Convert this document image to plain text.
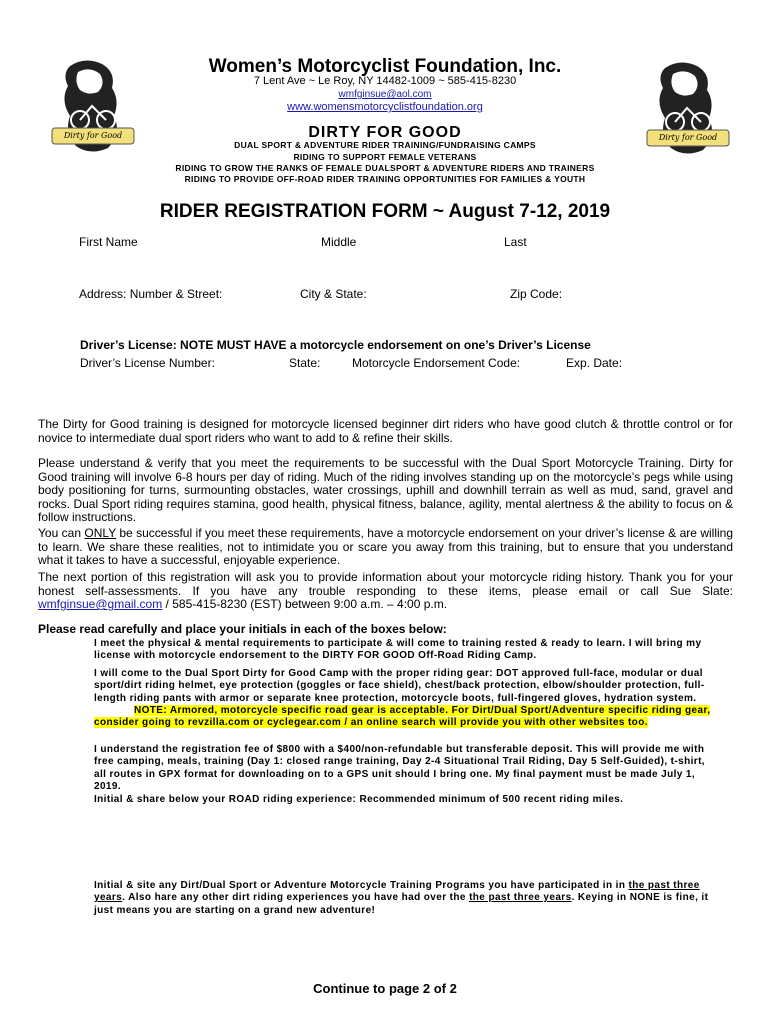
Dirty for Good	Dirty for Good
Women’s Motorcyclist Foundation, Inc.
7 Lent Ave ~ Le Roy, NY 14482-1009 ~ 585-415-8230
wmfginsue@aol.com
www.womensmotorcyclistfoundation.org
DIRTY FOR GOOD
DUAL SPORT & ADVENTURE RIDER TRAINING/FUNDRAISING CAMPS
RIDING TO SUPPORT FEMALE VETERANS
RIDING TO GROW THE RANKS OF FEMALE DUALSPORT & ADVENTURE RIDERS AND TRAINERS
RIDING TO PROVIDE OFF-ROAD RIDER TRAINING OPPORTUNITIES FOR FAMILIES & YOUTH
RIDER REGISTRATION FORM ~ August 7-12, 2019
First Name	Middle	Last
Address: Number & Street:	City & State:	Zip Code:
Driver’s License: NOTE MUST HAVE a motorcycle endorsement on one’s Driver’s License
Driver’s License Number:	State:	Motorcycle Endorsement Code:	Exp. Date:
The Dirty for Good training is designed for motorcycle licensed beginner dirt riders who have good clutch & throttle control or for novice to intermediate dual sport riders who want to add to & refine their skills.
Please understand & verify that you meet the requirements to be successful with the Dual Sport Motorcycle Training. Dirty for Good training will involve 6-8 hours per day of riding. Much of the riding involves standing up on the motorcycle’s pegs while using body positioning for turns, surmounting obstacles, water crossings, uphill and downhill terrain as well as mud, sand, gravel and rocks. Dual Sport riding requires stamina, good health, physical fitness, balance, agility, mental alertness & the ability to focus on & follow instructions.
You can ONLY be successful if you meet these requirements, have a motorcycle endorsement on your driver’s license & are willing to learn. We share these realities, not to intimidate you or scare you away from this training, but to ensure that you understand what it takes to have a successful, enjoyable experience.
The next portion of this registration will ask you to provide information about your motorcycle riding history. Thank you for your honest self-assessments. If you have any trouble responding to these items, please email or call Sue Slate: wmfginsue@gmail.com / 585-415-8230 (EST) between 9:00 a.m. – 4:00 p.m.
Please read carefully and place your initials in each of the boxes below:
I meet the physical & mental requirements to participate & will come to training rested & ready to learn. I will bring my license with motorcycle endorsement to the DIRTY FOR GOOD Off-Road Riding Camp.
I will come to the Dual Sport Dirty for Good Camp with the proper riding gear: DOT approved full-face, modular or dual sport/dirt riding helmet, eye protection (goggles or face shield), chest/back protection, elbow/shoulder protection, full-length riding pants with armor or separate knee protection, motorcycle boots, full-fingered gloves, hydration system.NOTE: Armored, motorcycle specific road gear is acceptable. For Dirt/Dual Sport/Adventure specific riding gear, consider going to revzilla.com or cyclegear.com / an online search will provide you with other websites too.
I understand the registration fee of $800 with a $400/non-refundable but transferable deposit. This will provide me with free camping, meals, training (Day 1: closed range training, Day 2-4 Situational Trail Riding, Day 5 Self-Guided), t-shirt, all routes in GPX format for downloading on to a GPS unit should I bring one. My final payment must be made July 1, 2019.
Initial & share below your ROAD riding experience: Recommended minimum of 500 recent riding miles.
Initial & site any Dirt/Dual Sport or Adventure Motorcycle Training Programs you have participated in in the past three years. Also hare any other dirt riding experiences you have had over the the past three years. Keying in NONE is fine, it just means you are starting on a grand new adventure!
Continue to page 2 of 2
